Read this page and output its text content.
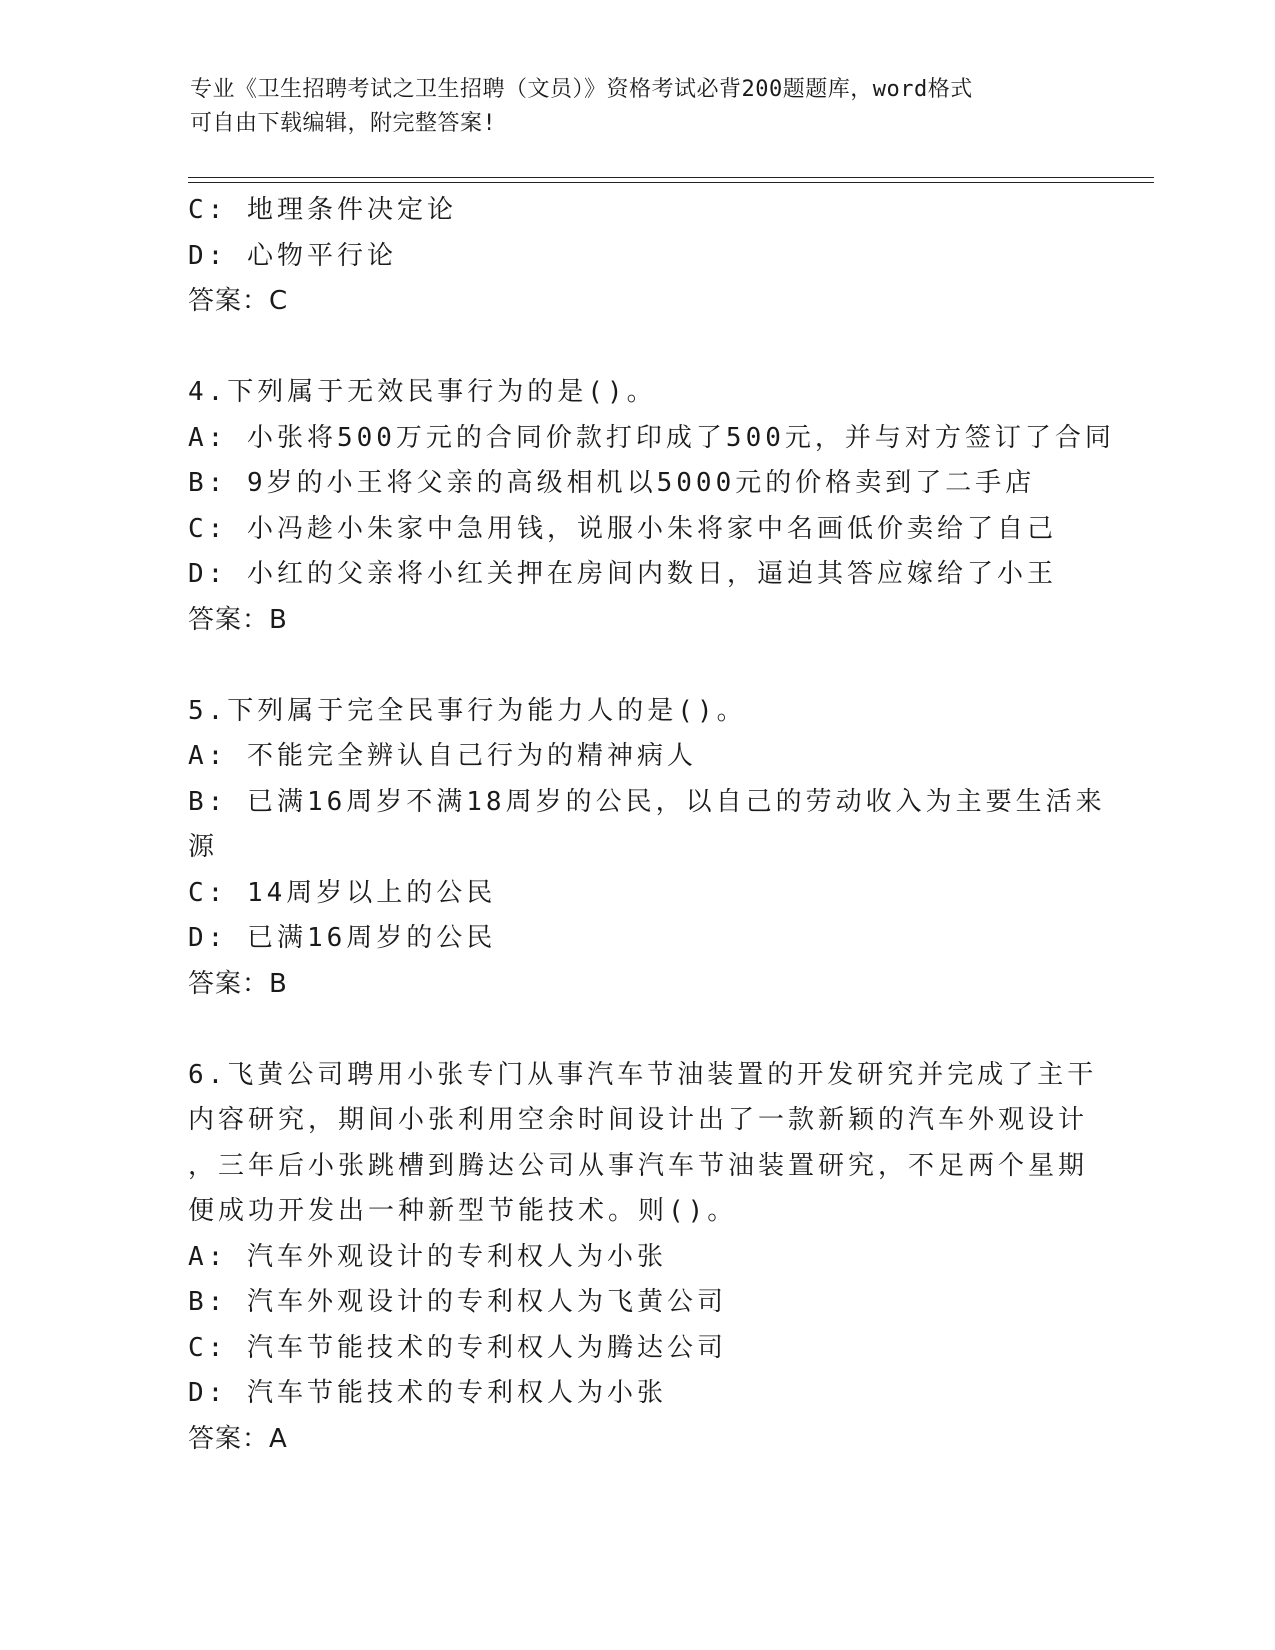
专业《卫生招聘考试之卫生招聘（文员）》资格考试必背200题题库，word格式
可自由下载编辑，附完整答案!
C: 地理条件决定论
D: 心物平行论
答案：C
4.下列属于无效民事行为的是()。
A: 小张将500万元的合同价款打印成了500元，并与对方签订了合同
B: 9岁的小王将父亲的高级相机以5000元的价格卖到了二手店
C: 小冯趁小朱家中急用钱，说服小朱将家中名画低价卖给了自己
D: 小红的父亲将小红关押在房间内数日，逼迫其答应嫁给了小王
答案：B
5.下列属于完全民事行为能力人的是()。
A: 不能完全辨认自己行为的精神病人
B: 已满16周岁不满18周岁的公民，以自己的劳动收入为主要生活来
源
C: 14周岁以上的公民
D: 已满16周岁的公民
答案：B
6.飞黄公司聘用小张专门从事汽车节油装置的开发研究并完成了主干
内容研究，期间小张利用空余时间设计出了一款新颖的汽车外观设计
，三年后小张跳槽到腾达公司从事汽车节油装置研究，不足两个星期
便成功开发出一种新型节能技术。则()。
A: 汽车外观设计的专利权人为小张
B: 汽车外观设计的专利权人为飞黄公司
C: 汽车节能技术的专利权人为腾达公司
D: 汽车节能技术的专利权人为小张
答案：A
